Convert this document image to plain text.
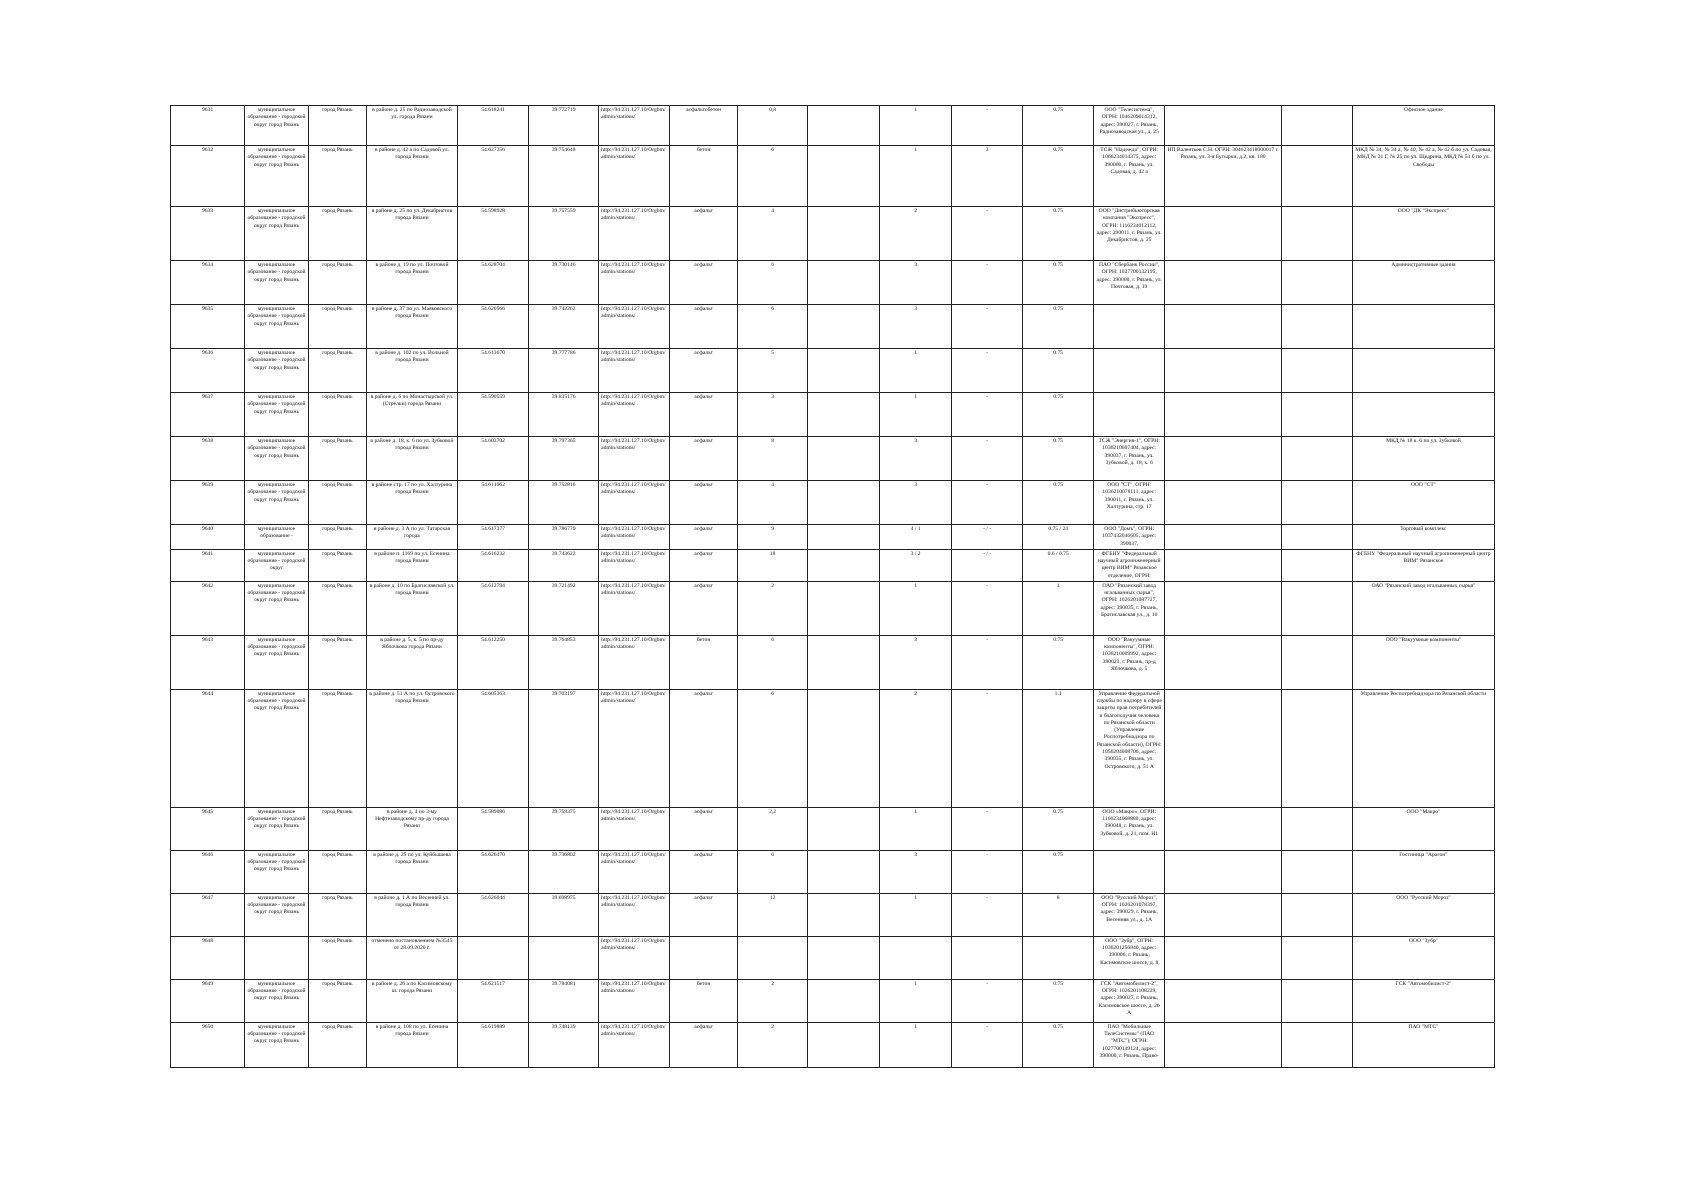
9631	муниципальное образование - городской округ город Рязань	город Рязань	в районе д. 25 по Радиозаводской ул. города Рязани	54.618241	39.772719	http://94.231.127.10/Orgbm/admin/stations/	асфальтобетон	0,8		1	-	0.75	ООО "Телесистема", ОГРН: 1046209014312, адрес: 390027, г. Рязань, Радиозаводская ул., д. 25			Офисное здание
9632	муниципальное образование - городской округ город Рязань	город Рязань	в районе д. 42 а по Садовой ул. города Рязани	54.627256	39.754648	http://94.231.127.10/Orgbm/admin/stations/	бетон	6		1	3	0.75	ТСЖ "Надежда", ОГРН: 1066234014375, адрес: 390000, г. Рязань, ул. Садовая, д. 42 а	ИП Валентьев С.Н. ОГРН: 304623418000017 г. Рязань, ул. 3-я Бутырки, д.2, кв. 180		МКД № 34, № 34 а, № 40, № 42 а, № 42 б по ул. Садовая, МКД № 31 Г, № 25 по ул. Щедрина, МКД № 53 б по ул. Свободы
9633	муниципальное образование - городской округ город Рязань	город Рязань	в районе д. 25 по ул. Декабристов города Рязани	54.598928	39.757559	http://94.231.127.10/Orgbm/admin/stations/	асфальт	4		2	-	0.75	ООО "Дистрибьюторская компания "Экспресс", ОГРН: 1116234012112, адрес: 390011, г. Рязань, ул. Декабристов, д. 25			ООО "ДК "Экспресс"
9634	муниципальное образование - городской округ город Рязань	город Рязань	в районе д. 19 по ул. Почтовой города Рязани	54.628704	39.730146	http://94.231.127.10/Orgbm/admin/stations/	асфальт	6		3	-	0.75	ПАО "Сбербанк России", ОГРН: 1027700132195, адрес: 390000, г. Рязань, ул. Почтовая, д. 19			Административные здания
9635	муниципальное образование - городской округ город Рязань	город Рязань	в районе д. 37 по ул. Маяковского города Рязани	54.620566	39.742262	http://94.231.127.10/Orgbm/admin/stations/	асфальт	6		3	-	0.75				
9636	муниципальное образование - городской округ город Рязань	город Рязань	в районе д. 102 по ул. Вольной города Рязани	54.613670	39.777786	http://94.231.127.10/Orgbm/admin/stations/	асфальт	5		1	-	0.75				
9637	муниципальное образование - городской округ город Рязань	город Рязань	в районе д. 6 по Монастырской ул. (Стрелки) города Рязани	54.590559	39.835176	http://94.231.127.10/Orgbm/admin/stations/	асфальт	3		1	-	0.75				
9638	муниципальное образование - городской округ город Рязань	город Рязань	в районе д. 18, к. 6 по ул. Зубковой города Рязани	54.603702	39.797365	http://94.231.127.10/Orgbm/admin/stations/	асфальт	8		3	-	0.75	ТСЖ "Энергия-1", ОГРН: 1036210007404, адрес: 390037, г. Рязань, ул. Зубковой, д. 18, к. 6			МКД № 18 к. 6 по ул. Зубковой
9639	муниципальное образование - городской округ город Рязань	город Рязань	в районе стр. 17 по ул. Халтурина города Рязани	54.611662	39.752816	http://94.231.127.10/Orgbm/admin/stations/	асфальт	4		3	-	0.75	ООО "СТ", ОГРН: 1036210078111, адрес: 390011, г. Рязань, ул. Халтурина, стр. 17			ООО "СТ"
9640	муниципальное образование -	город Рязань	в районе д. 3 А по ул. Татарская города	54.617377	39.786779	http://94.231.127.10/Orgbm/admin/stations/	асфальт	9		4 / 1	- / -	0.75 / 24	ООО "Домъ", ОГРН: 1037432046605, адрес: 390037,			Торговый комплекс
9641	муниципальное образование - городской округ	город Рязань	в районе п. 1169 по ул. Есенина города Рязани	54.616232	39.743622	http://94.231.127.10/Orgbm/admin/stations/	асфальт	18		3 / 2	- / -	0.6 / 0.75	ФГБНУ "Федеральный научный агроинженерный центр ВИМ" Рязанское отделение, ОГРН:			ФГБНУ "Федеральный научный агроинженерный центр ВИМ" Рязанское
9642	муниципальное образование - городской округ город Рязань	город Рязань	в районе д. 10 по Братиславской ул. города Рязани	54.612794	39.721492	http://94.231.127.10/Orgbm/admin/stations/	асфальт	2		1	-	1	ОАО "Рязанский завод игальванных сырья", ОГРН: 1026201087727, адрес: 390035, г. Рязань, Братиславская ул., д. 10			ОАО "Рязанский завод игальванных сырья"
9643	муниципальное образование - городской округ город Рязань	город Рязань	в районе д. 5, к. 5 по пр-ду Яблочкова города Рязани	54.612250	39.764853	http://94.231.127.10/Orgbm/admin/stations/	бетон	6		3	-	0.75	ООО "Вакуумные компоненты", ОГРН: 1036210009992, адрес: 390023, г. Рязань, пр-д Яблочкова, д. 5			ООО "Вакуумные компоненты"
9644	муниципальное образование - городской округ город Рязань	город Рязань	в районе д. 51 А по ул. Островского города Рязани	54.605363	39.703197	http://94.231.127.10/Orgbm/admin/stations/	асфальт	6		2	-	1.1	Управление Федеральной службы по надзору в сфере защиты прав потребителей и благополучия человека по Рязанской области (Управление Роспотребнадзора по Рязанской области), ОГРН: 1056204008706, адрес: 390035, г. Рязань, ул. Островского, д. 51 А			Управление Роспотребнадзора по Рязанской области
9645	муниципальное образование - городской округ город Рязань	город Рязань	в районе д. 4 по 3-му Нефтезаводскому пр-ду города Рязани	54.589086	39.758375	http://94.231.127.10/Orgbm/admin/stations/	асфальт	2,2		1	-	0.75	ООО «Макро», ОГРН: 1166234068880, адрес: 390048, г. Рязань, ул. Зубковой, д. 21, пом. Н1			ООО "Макро"
9646	муниципальное образование - городской округ город Рязань	город Рязань	в районе д. 25 по ул. Куйбышева города Рязани	54.626470	39.736802	http://94.231.127.10/Orgbm/admin/stations/	асфальт	6		3	-	0.75				Гостиница "Арагон"
9647	муниципальное образование - городской округ город Рязань	город Рязань	в районе д. 1 А по Весенней ул. города Рязани	54.626044	39.698975	http://94.231.127.10/Orgbm/admin/stations/	асфальт	12		1	-	8	ООО "Русский Мороз", ОГРН: 1026201078397, адрес: 390029, г. Рязань, Весенняя ул., д. 1А			ООО "Русский Мороз"
9648		город Рязань	отменено постановлением №3545 от 28.09.2020 г.			http://94.231.127.10/Orgbm/admin/stations/							ООО "Зубр", ОГРН: 1036201256840, адрес: 390006, г. Рязань, Касимовское шоссе, д. 8			ООО "Зубр"
9649	муниципальное образование - городской округ город Рязань	город Рязань	в районе д. 26 а по Касимовскому ш. города Рязани	54.621517	39.784081	http://94.231.127.10/Orgbm/admin/stations/	бетон	2		1	-	0.75	ГСК "Автомобилист-2", ОГРН: 1026201108229, адрес: 390027, г. Рязань, Касимовское шоссе, д. 26 А			ГСК "Автомобилист-2"
9650	муниципальное образование - городской округ город Рязань	город Рязань	в районе д. 108 по ул. Есенина города Рязани	54.619889	39.748139	http://94.231.127.10/Orgbm/admin/stations/	асфальт	2		1	-	0.75	ПАО "Мобильные ТелеСистемы" (ПАО "МТС"), ОГРН: 1027700149124, адрес: 390000, г. Рязань, Право-			ПАО "МТС"
